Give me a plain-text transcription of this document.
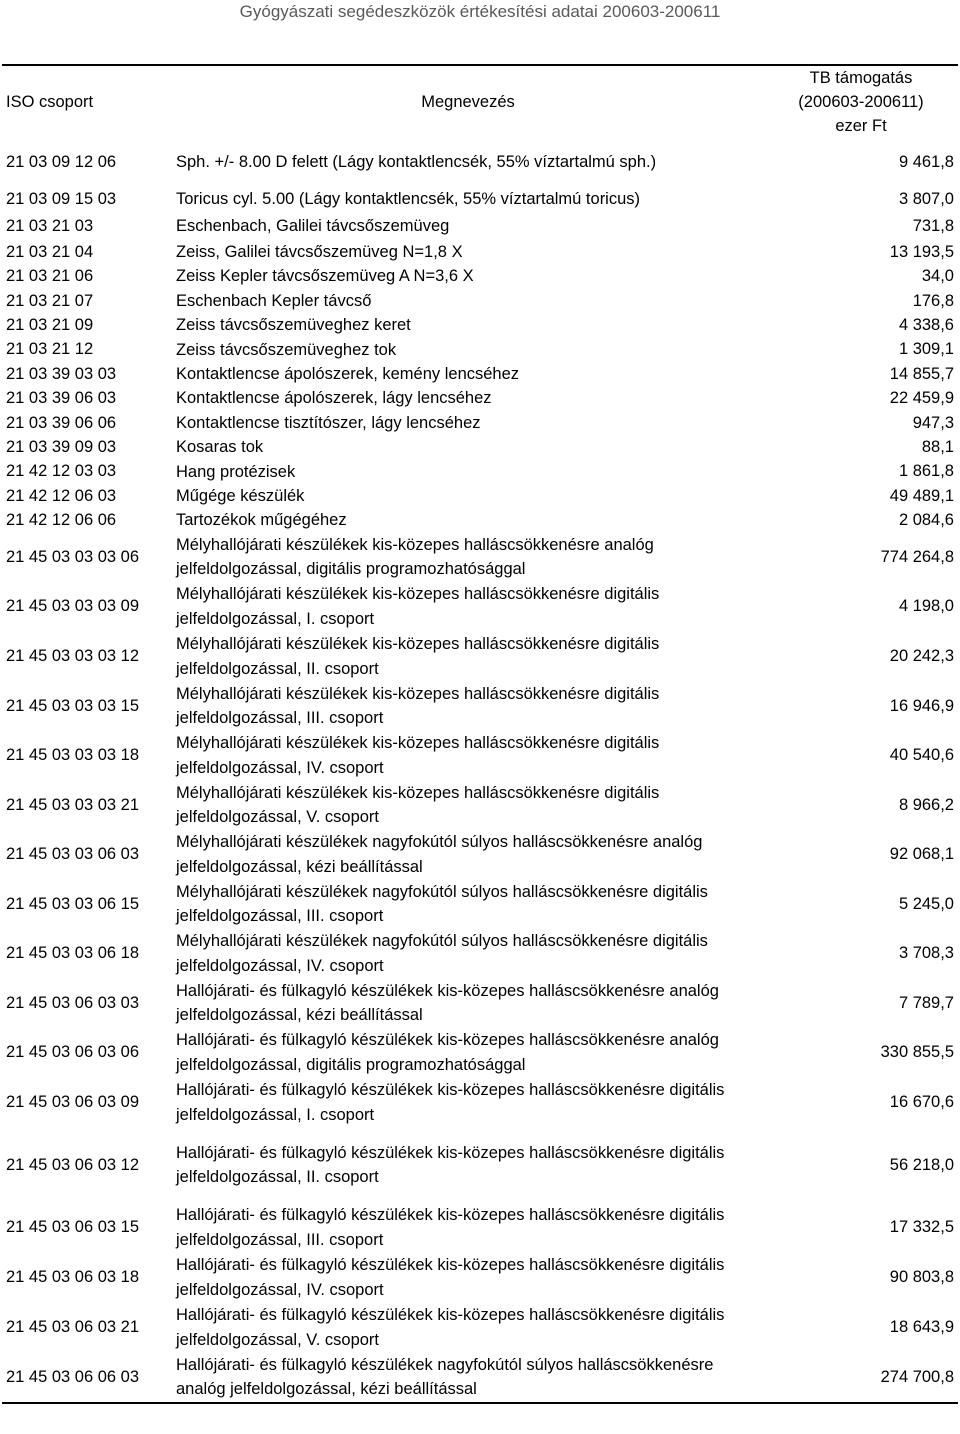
Gyógyászati segédeszközök értékesítési adatai 200603-200611
ISO csoport	Megnevezés	TB támogatás
(200603-200611)
ezer Ft

21 03 09 12 06	Sph. +/- 8.00 D felett (Lágy kontaktlencsék, 55% víztartalmú sph.)	9 461,8
21 03 09 15 03	Toricus cyl. 5.00 (Lágy kontaktlencsék, 55% víztartalmú toricus)	3 807,0
21 03 21 03	Eschenbach, Galilei távcsőszemüveg	731,8
21 03 21 04	Zeiss, Galilei távcsőszemüveg N=1,8 X	13 193,5
21 03 21 06	Zeiss Kepler távcsőszemüveg A N=3,6 X	34,0
21 03 21 07	Eschenbach Kepler távcső	176,8
21 03 21 09	Zeiss távcsőszemüveghez keret	4 338,6
21 03 21 12	Zeiss távcsőszemüveghez tok	1 309,1
21 03 39 03 03	Kontaktlencse ápolószerek, kemény lencséhez	14 855,7
21 03 39 06 03	Kontaktlencse ápolószerek, lágy lencséhez	22 459,9
21 03 39 06 06	Kontaktlencse tisztítószer, lágy lencséhez	947,3
21 03 39 09 03	Kosaras tok	88,1
21 42 12 03 03	Hang protézisek	1 861,8
21 42 12 06 03	Műgége készülék	49 489,1
21 42 12 06 06	Tartozékok műgégéhez	2 084,6
21 45 03 03 03 06	Mélyhallójárati készülékek kis-közepes halláscsökkenésre analóg jelfeldolgozással, digitális programozhatósággal	774 264,8
21 45 03 03 03 09	Mélyhallójárati készülékek kis-közepes halláscsökkenésre digitális jelfeldolgozással, I. csoport	4 198,0
21 45 03 03 03 12	Mélyhallójárati készülékek kis-közepes halláscsökkenésre digitális jelfeldolgozással, II. csoport	20 242,3
21 45 03 03 03 15	Mélyhallójárati készülékek kis-közepes halláscsökkenésre digitális jelfeldolgozással, III. csoport	16 946,9
21 45 03 03 03 18	Mélyhallójárati készülékek kis-közepes halláscsökkenésre digitális jelfeldolgozással, IV. csoport	40 540,6
21 45 03 03 03 21	Mélyhallójárati készülékek kis-közepes halláscsökkenésre digitális jelfeldolgozással, V. csoport	8 966,2
21 45 03 03 06 03	Mélyhallójárati készülékek nagyfokútól súlyos halláscsökkenésre analóg jelfeldolgozással, kézi beállítással	92 068,1
21 45 03 03 06 15	Mélyhallójárati készülékek nagyfokútól súlyos halláscsökkenésre digitális jelfeldolgozással, III. csoport	5 245,0
21 45 03 03 06 18	Mélyhallójárati készülékek nagyfokútól súlyos halláscsökkenésre digitális jelfeldolgozással, IV. csoport	3 708,3
21 45 03 06 03 03	Hallójárati- és fülkagyló készülékek kis-közepes halláscsökkenésre analóg jelfeldolgozással, kézi beállítással	7 789,7
21 45 03 06 03 06	Hallójárati- és fülkagyló készülékek kis-közepes halláscsökkenésre analóg jelfeldolgozással, digitális programozhatósággal	330 855,5
21 45 03 06 03 09	Hallójárati- és fülkagyló készülékek kis-közepes halláscsökkenésre digitális jelfeldolgozással, I. csoport	16 670,6
21 45 03 06 03 12	Hallójárati- és fülkagyló készülékek kis-közepes halláscsökkenésre digitális jelfeldolgozással, II. csoport	56 218,0
21 45 03 06 03 15	Hallójárati- és fülkagyló készülékek kis-közepes halláscsökkenésre digitális jelfeldolgozással, III. csoport	17 332,5
21 45 03 06 03 18	Hallójárati- és fülkagyló készülékek kis-közepes halláscsökkenésre digitális jelfeldolgozással, IV. csoport	90 803,8
21 45 03 06 03 21	Hallójárati- és fülkagyló készülékek kis-közepes halláscsökkenésre digitális jelfeldolgozással, V. csoport	18 643,9
21 45 03 06 06 03	Hallójárati- és fülkagyló készülékek nagyfokútól súlyos halláscsökkenésre analóg jelfeldolgozással, kézi beállítással	274 700,8
